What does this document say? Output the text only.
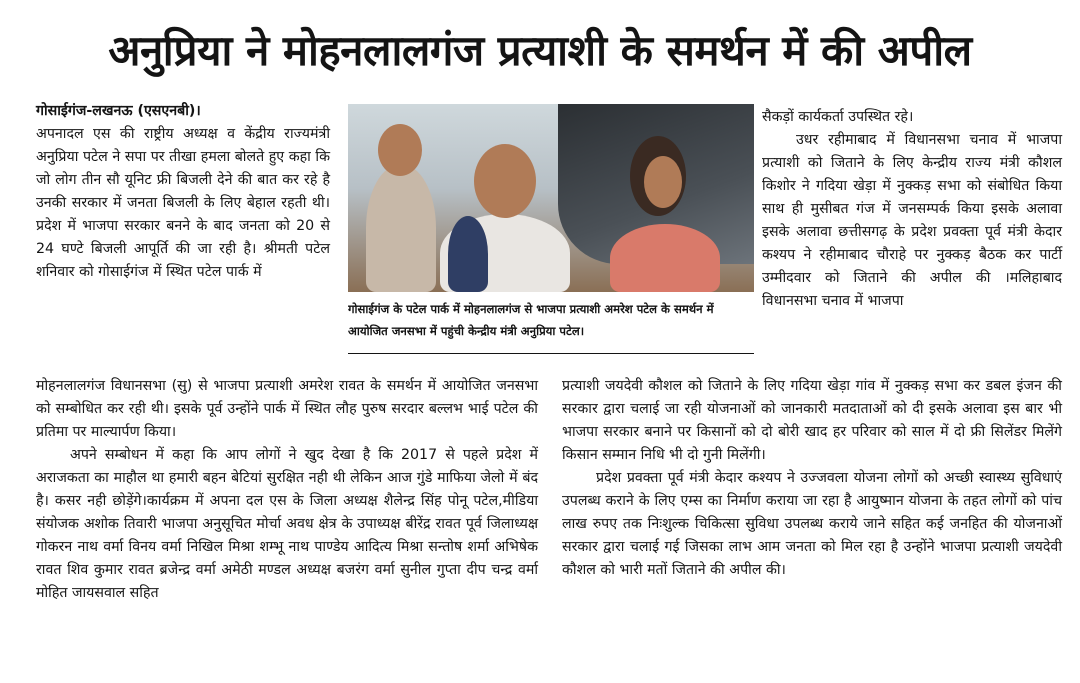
अनुप्रिया ने मोहनलालगंज प्रत्याशी के समर्थन में की अपील

गोसाईगंज-लखनऊ (एसएनबी)।

अपनादल एस की राष्ट्रीय अध्यक्ष व केंद्रीय राज्यमंत्री अनुप्रिया पटेल ने सपा पर तीखा हमला बोलते हुए कहा कि जो लोग तीन सौ यूनिट फ्री बिजली देने की बात कर रहे है उनकी सरकार में जनता बिजली के लिए बेहाल रहती थी। प्रदेश में भाजपा सरकार बनने के बाद जनता को 20 से 24 घण्टे बिजली आपूर्ति की जा रही है। श्रीमती पटेल शनिवार को गोसाईगंज में स्थित पटेल पार्क में

गोसाईगंज के पटेल पार्क में मोहनलालगंज से भाजपा प्रत्याशी अमरेश पटेल के समर्थन में आयोजित जनसभा में पहुंची केन्द्रीय मंत्री अनुप्रिया पटेल।

मोहनलालगंज विधानसभा (सु) से भाजपा प्रत्याशी अमरेश रावत के समर्थन में आयोजित जनसभा को सम्बोधित कर रही थी। इसके पूर्व उन्होंने पार्क में स्थित लौह पुरुष सरदार बल्लभ भाई पटेल की प्रतिमा पर माल्यार्पण किया।

अपने सम्बोधन में कहा कि आप लोगों ने खुद देखा है कि 2017 से पहले प्रदेश में अराजकता का माहौल था हमारी बहन बेटियां सुरक्षित नही थी लेकिन आज गुंडे माफिया जेलो में बंद है। कसर नही छोड़ेंगे।कार्यक्रम में अपना दल एस के जिला अध्यक्ष शैलेन्द्र सिंह पोनू पटेल,मीडिया संयोजक अशोक तिवारी भाजपा अनुसूचित मोर्चा अवध क्षेत्र के उपाध्यक्ष बीरेंद्र रावत पूर्व जिलाध्यक्ष गोकरन नाथ वर्मा विनय वर्मा निखिल मिश्रा शम्भू नाथ पाण्डेय आदित्य मिश्रा सन्तोष शर्मा अभिषेक रावत शिव कुमार रावत ब्रजेन्द्र वर्मा अमेठी मण्डल अध्यक्ष बजरंग वर्मा सुनील गुप्ता दीप चन्द्र वर्मा मोहित जायसवाल सहित

सैकड़ों कार्यकर्ता उपस्थित रहे।

उधर रहीमाबाद में विधानसभा चनाव में भाजपा प्रत्याशी को जिताने के लिए केन्द्रीय राज्य मंत्री कौशल किशोर ने गदिया खेड़ा में नुक्कड़ सभा को संबोधित किया साथ ही मुसीबत गंज में जनसम्पर्क किया इसके अलावा इसके अलावा छत्तीसगढ़ के प्रदेश प्रवक्ता पूर्व मंत्री केदार कश्यप ने रहीमाबाद चौराहे पर नुक्कड़ बैठक कर पार्टी उम्मीदवार को जिताने की अपील की ।मलिहाबाद विधानसभा चनाव में भाजपा

प्रत्याशी जयदेवी कौशल को जिताने के लिए गदिया खेड़ा गांव में नुक्कड़ सभा कर डबल इंजन की सरकार द्वारा चलाई जा रही योजनाओं को जानकारी मतदाताओं को दी इसके अलावा इस बार भी भाजपा सरकार बनाने पर किसानों को दो बोरी खाद हर परिवार को साल में दो फ्री सिलेंडर मिलेंगे किसान सम्मान निधि भी दो गुनी मिलेंगी।

प्रदेश प्रवक्ता पूर्व मंत्री केदार कश्यप ने उज्जवला योजना लोगों को अच्छी स्वास्थ्य सुविधाएं उपलब्ध कराने के लिए एम्स का निर्माण कराया जा रहा है आयुष्मान योजना के तहत लोगों को पांच लाख रुपए तक निःशुल्क चिकित्सा सुविधा उपलब्ध कराये जाने सहित कई जनहित की योजनाओं सरकार द्वारा चलाई गई जिसका लाभ आम जनता को मिल रहा है उन्होंने भाजपा प्रत्याशी जयदेवी कौशल को भारी मतों जिताने की अपील की।
